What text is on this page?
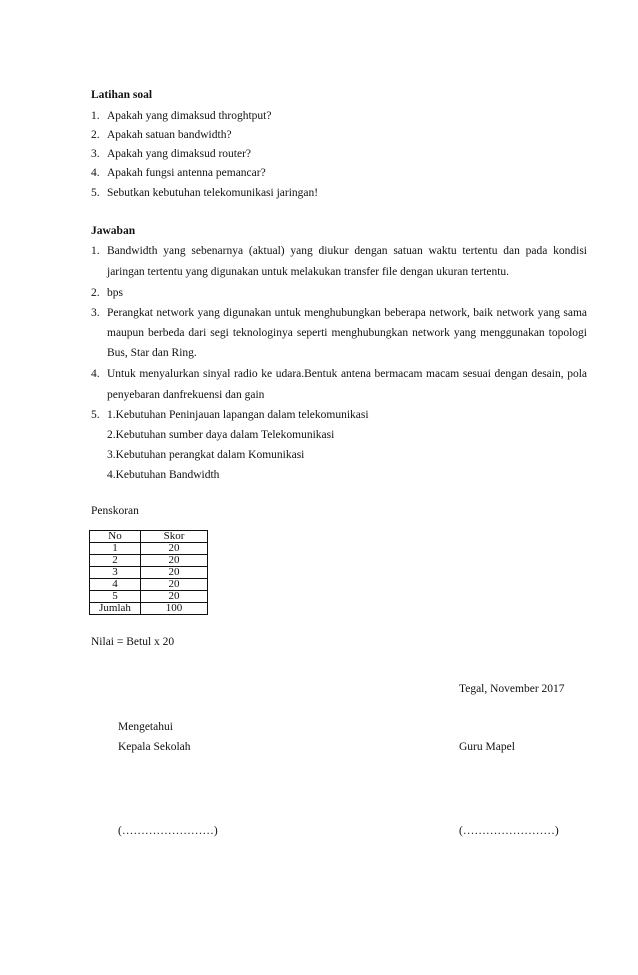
Latihan soal
1. Apakah yang dimaksud throghtput?
2. Apakah satuan bandwidth?
3. Apakah yang dimaksud router?
4. Apakah fungsi antenna pemancar?
5. Sebutkan kebutuhan telekomunikasi jaringan!
Jawaban
1. Bandwidth yang sebenarnya (aktual) yang diukur dengan satuan waktu tertentu dan pada kondisi
jaringan tertentu yang digunakan untuk melakukan transfer file dengan ukuran tertentu.
2. bps
3. Perangkat network yang digunakan untuk menghubungkan beberapa network, baik network yang sama
maupun berbeda dari segi teknologinya seperti menghubungkan network yang menggunakan topologi
Bus, Star dan Ring.
4. Untuk menyalurkan sinyal radio ke udara.Bentuk antena bermacam macam sesuai dengan desain, pola
penyebaran danfrekuensi dan gain
5. 1.Kebutuhan Peninjauan lapangan dalam telekomunikasi
2.Kebutuhan sumber daya dalam Telekomunikasi
3.Kebutuhan perangkat dalam Komunikasi
4.Kebutuhan Bandwidth
Penskoran
No	Skor
1	20
2	20
3	20
4	20
5	20
Jumlah	100
Nilai = Betul x 20
Tegal, November 2017
Mengetahui
Kepala Sekolah	Guru Mapel
(……………………)	(……………………)
